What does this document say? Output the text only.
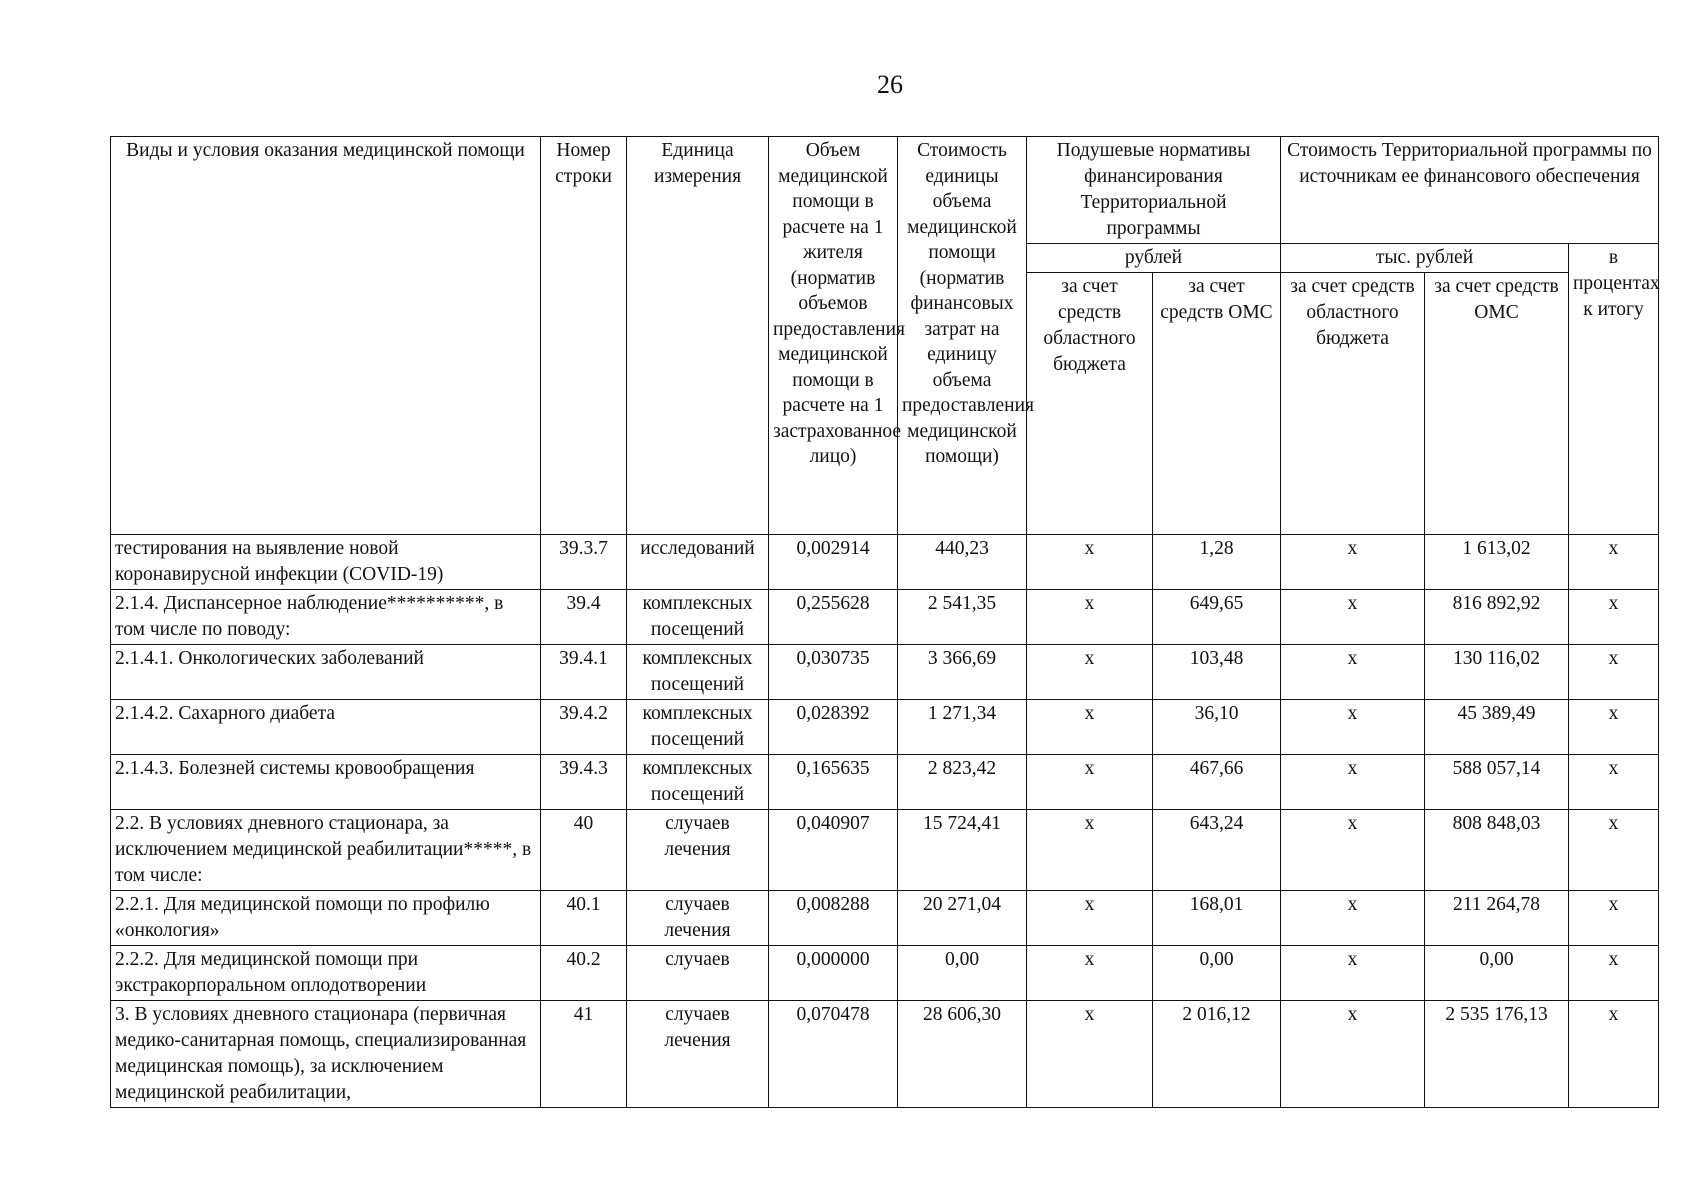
26
Виды и условия оказания медицинской помощи	Номер строки	Единица измерения	Объем медицинской помощи в расчете на 1 жителя (норматив объемов предоставления медицинской помощи в расчете на 1 застрахованное лицо)	Стоимость единицы объема медицинской помощи (норматив финансовых затрат на единицу объема предоставления медицинской помощи)	Подушевые нормативы финансирования Территориальной программы		Стоимость Территориальной программы по источникам ее финансового обеспечения		
					рублей		тыс. рублей		в процентах к итогу
					за счет средств областного бюджета	за счет средств ОМС	за счет средств областного бюджета	за счет средств ОМС	
тестирования на выявление новой коронавирусной инфекции (COVID-19)	39.3.7	исследований	0,002914	440,23	х	1,28	х	1 613,02	х
2.1.4. Диспансерное наблюдение**********, в том числе по поводу:	39.4	комплексных посещений	0,255628	2 541,35	х	649,65	х	816 892,92	х
2.1.4.1. Онкологических заболеваний	39.4.1	комплексных посещений	0,030735	3 366,69	х	103,48	х	130 116,02	х
2.1.4.2. Сахарного диабета	39.4.2	комплексных посещений	0,028392	1 271,34	х	36,10	х	45 389,49	х
2.1.4.3. Болезней системы кровообращения	39.4.3	комплексных посещений	0,165635	2 823,42	х	467,66	х	588 057,14	х
2.2. В условиях дневного стационара, за исключением медицинской реабилитации*****, в том числе:	40	случаев лечения	0,040907	15 724,41	х	643,24	х	808 848,03	х
2.2.1. Для медицинской помощи по профилю «онкология»	40.1	случаев лечения	0,008288	20 271,04	х	168,01	х	211 264,78	х
2.2.2. Для медицинской помощи при экстракорпоральном оплодотворении	40.2	случаев	0,000000	0,00	х	0,00	х	0,00	х
3. В условиях дневного стационара (первичная медико-санитарная помощь, специализированная медицинская помощь), за исключением медицинской реабилитации,	41	случаев лечения	0,070478	28 606,30	х	2 016,12	х	2 535 176,13	х
